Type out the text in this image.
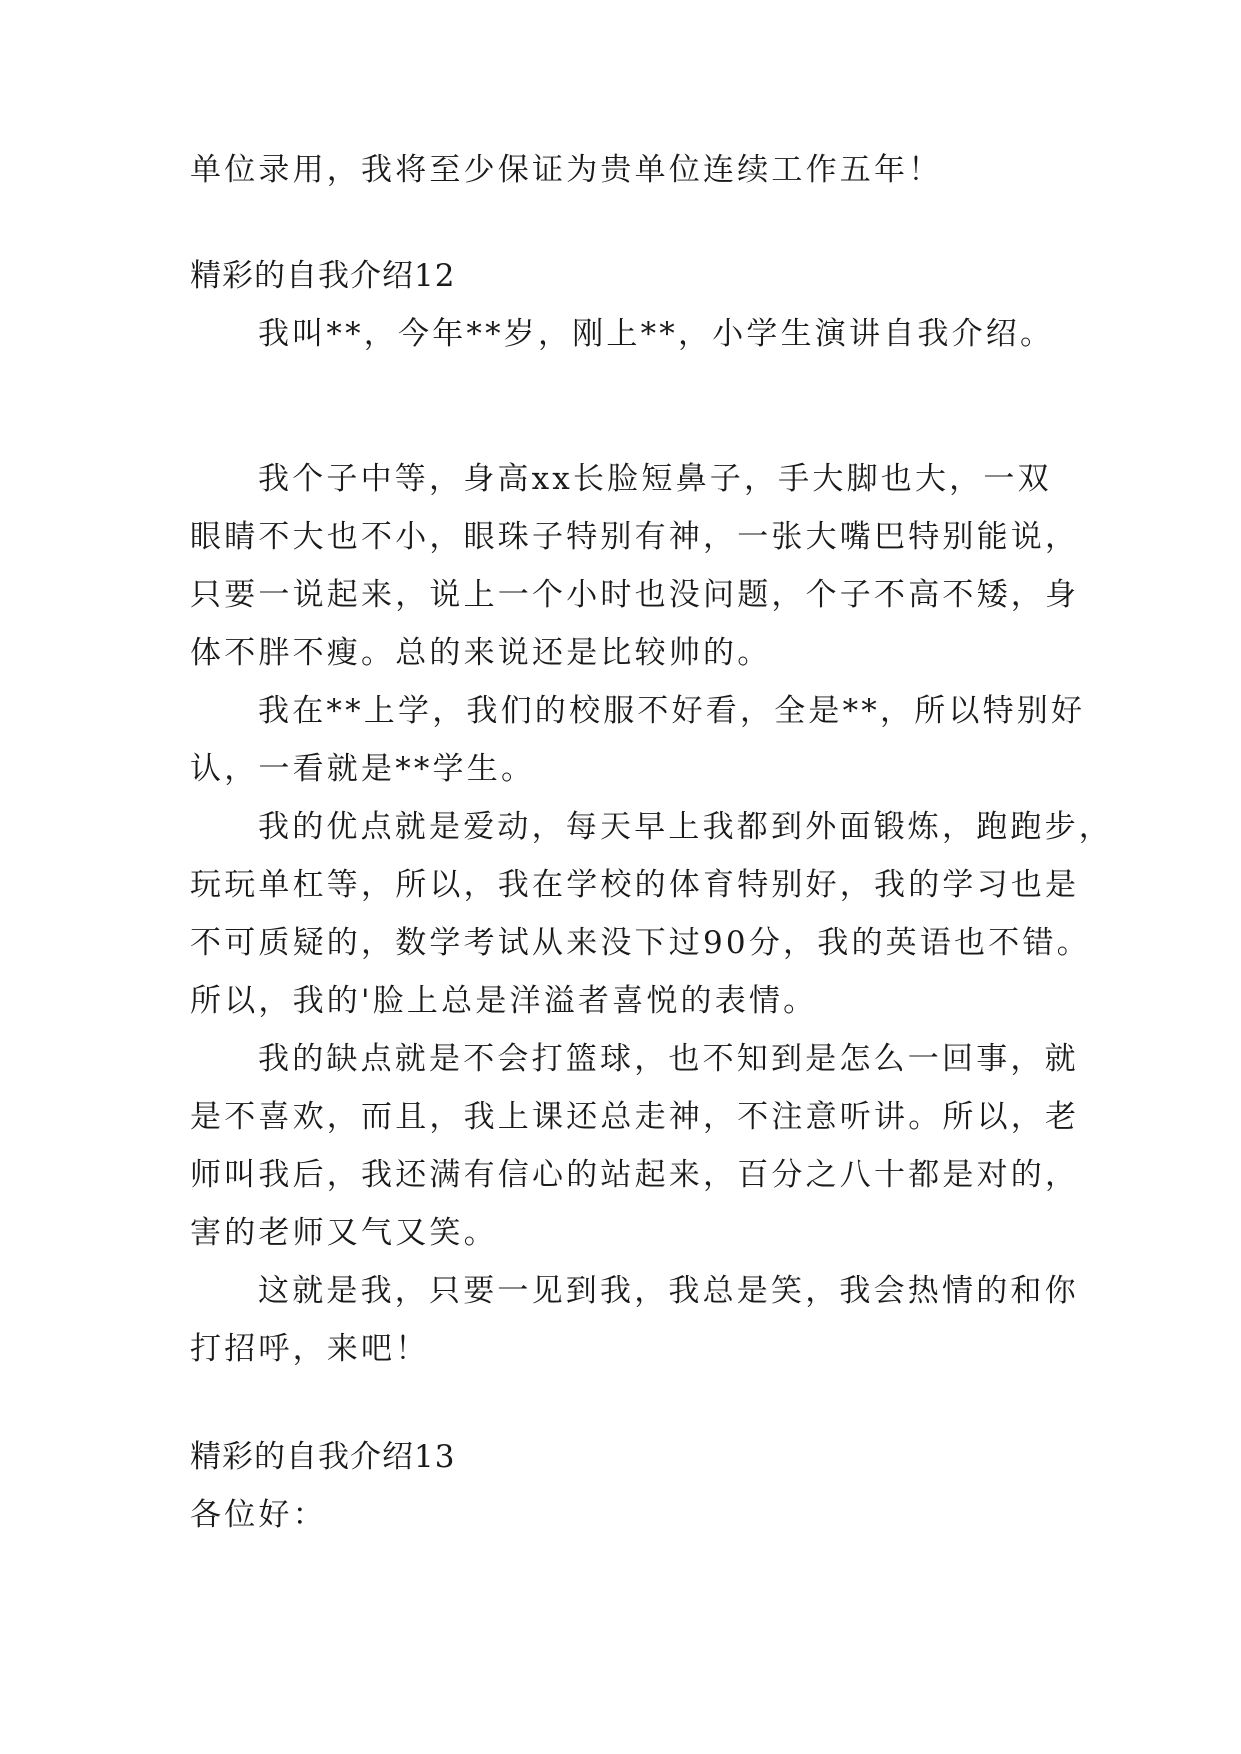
单位录用，我将至少保证为贵单位连续工作五年！
精彩的自我介绍12
我叫**，今年**岁，刚上**，小学生演讲自我介绍。
我个子中等，身高xx长脸短鼻子，手大脚也大，一双
眼睛不大也不小，眼珠子特别有神，一张大嘴巴特别能说，
只要一说起来，说上一个小时也没问题，个子不高不矮，身
体不胖不瘦。总的来说还是比较帅的。
我在**上学，我们的校服不好看，全是**，所以特别好
认，一看就是**学生。
我的优点就是爱动，每天早上我都到外面锻炼，跑跑步，
玩玩单杠等，所以，我在学校的体育特别好，我的学习也是
不可质疑的，数学考试从来没下过90分，我的英语也不错。
所以，我的'脸上总是洋溢者喜悦的表情。
我的缺点就是不会打篮球，也不知到是怎么一回事，就
是不喜欢，而且，我上课还总走神，不注意听讲。所以，老
师叫我后，我还满有信心的站起来，百分之八十都是对的，
害的老师又气又笑。
这就是我，只要一见到我，我总是笑，我会热情的和你
打招呼，来吧！
精彩的自我介绍13
各位好：
